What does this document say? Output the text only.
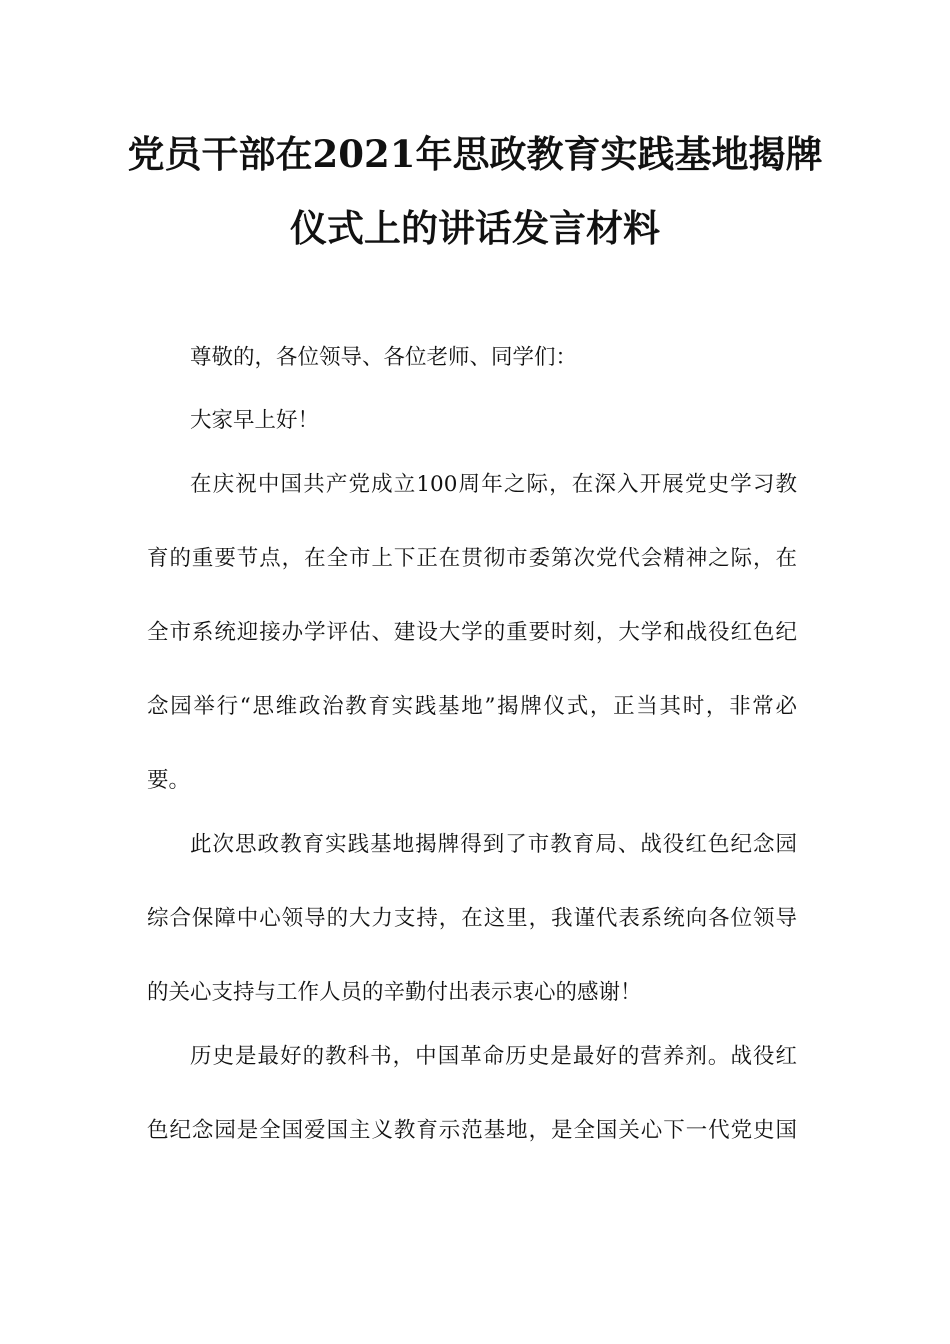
党员干部在2021年思政教育实践基地揭牌
仪式上的讲话发言材料
尊敬的，各位领导、各位老师、同学们：
大家早上好！
在庆祝中国共产党成立100周年之际，在深入开展党史学习教
育的重要节点，在全市上下正在贯彻市委第次党代会精神之际，在
全市系统迎接办学评估、建设大学的重要时刻，大学和战役红色纪
念园举行“思维政治教育实践基地”揭牌仪式，正当其时，非常必
要。
此次思政教育实践基地揭牌得到了市教育局、战役红色纪念园
综合保障中心领导的大力支持，在这里，我谨代表系统向各位领导
的关心支持与工作人员的辛勤付出表示衷心的感谢！
历史是最好的教科书，中国革命历史是最好的营养剂。战役红
色纪念园是全国爱国主义教育示范基地，是全国关心下一代党史国
